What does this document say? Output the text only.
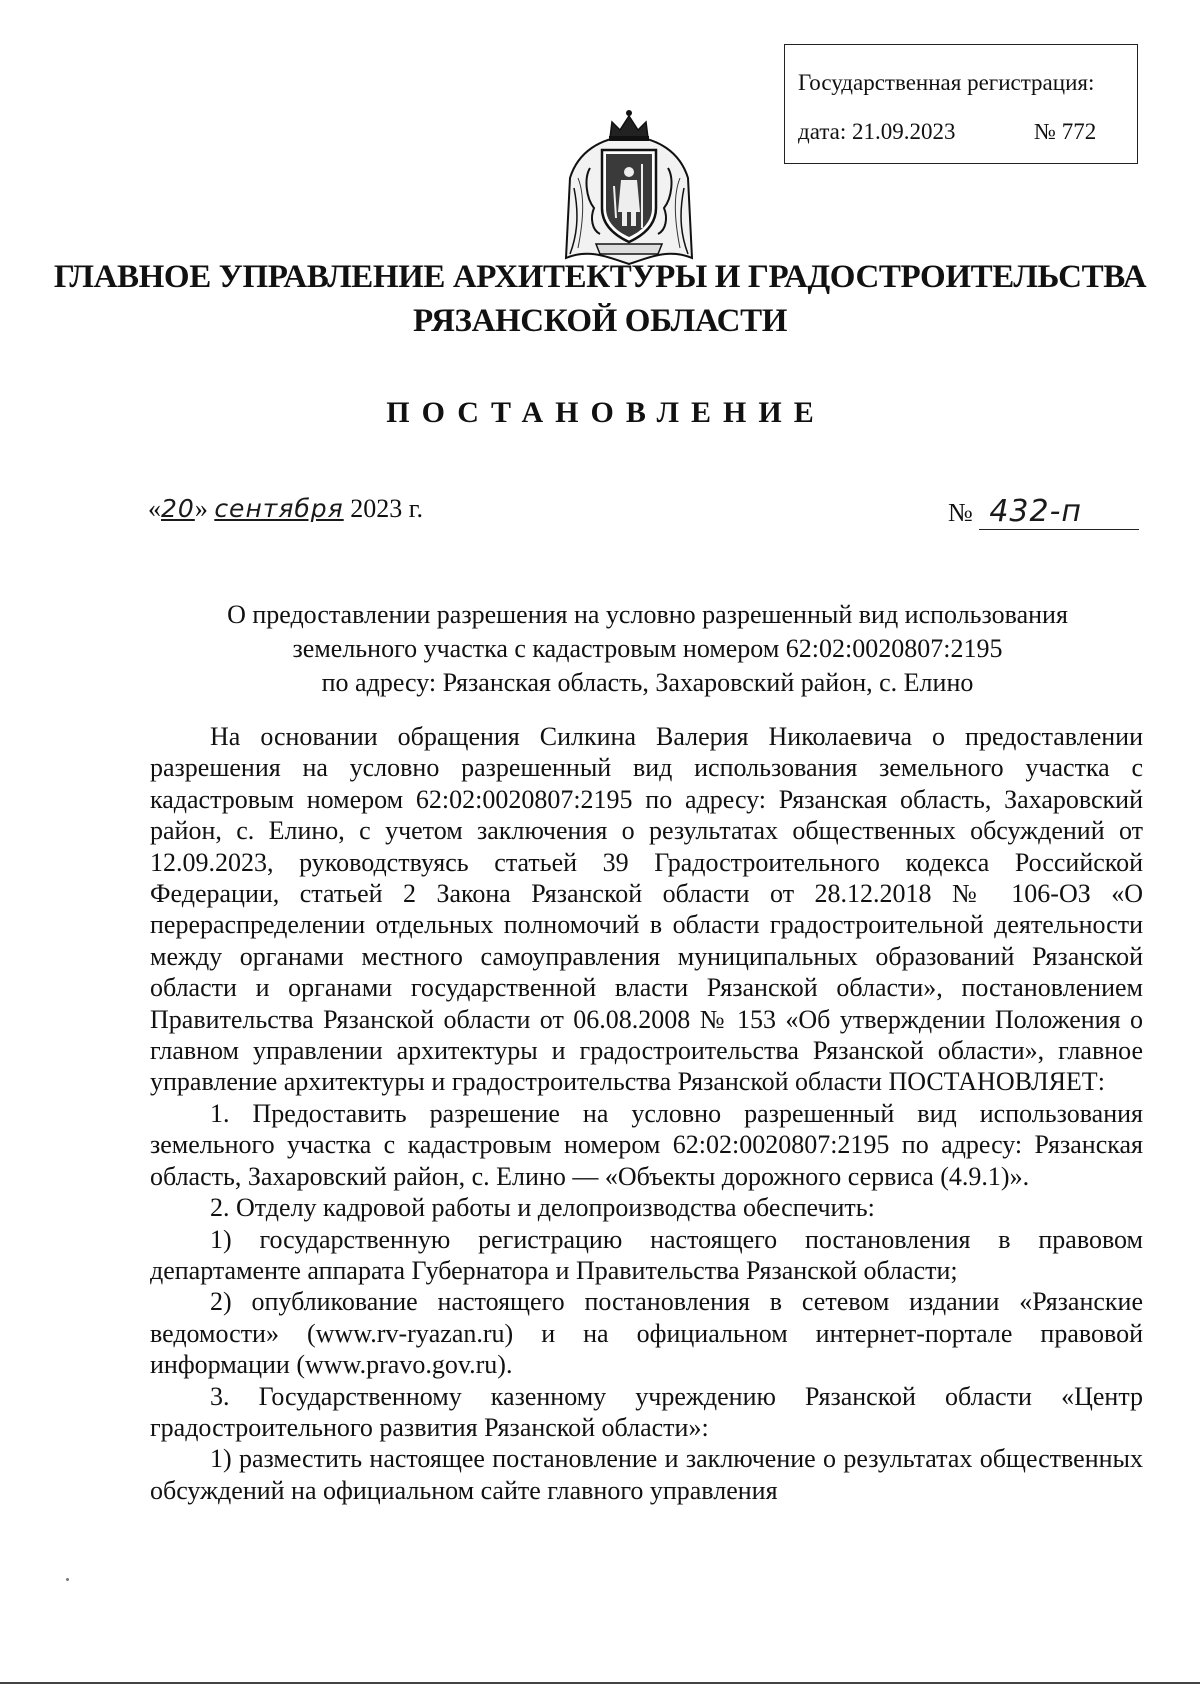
Государственная регистрация:
дата: 21.09.2023	№ 772
ГЛАВНОЕ УПРАВЛЕНИЕ АРХИТЕКТУРЫ И ГРАДОСТРОИТЕЛЬСТВА
РЯЗАНСКОЙ ОБЛАСТИ
ПОСТАНОВЛЕНИЕ
«20» сентября 2023 г.	№ 432-п
О предоставлении разрешения на условно разрешенный вид использования
земельного участка с кадастровым номером 62:02:0020807:2195
по адресу: Рязанская область, Захаровский район, с. Елино

На основании обращения Силкина Валерия Николаевича о предоставлении разрешения на условно разрешенный вид использования земельного участка с кадастровым номером 62:02:0020807:2195 по адресу: Рязанская область, Захаровский район, с. Елино, с учетом заключения о результатах общественных обсуждений от 12.09.2023, руководствуясь статьей 39 Градостроительного кодекса Российской Федерации, статьей 2 Закона Рязанской области от 28.12.2018 № 106-ОЗ «О перераспределении отдельных полномочий в области градостроительной деятельности между органами местного самоуправления муниципальных образований Рязанской области и органами государственной власти Рязанской области», постановлением Правительства Рязанской области от 06.08.2008 № 153 «Об утверждении Положения о главном управлении архитектуры и градостроительства Рязанской области», главное управление архитектуры и градостроительства Рязанской области ПОСТАНОВЛЯЕТ:

1. Предоставить разрешение на условно разрешенный вид использования земельного участка с кадастровым номером 62:02:0020807:2195 по адресу: Рязанская область, Захаровский район, с. Елино — «Объекты дорожного сервиса (4.9.1)».

2. Отделу кадровой работы и делопроизводства обеспечить:

1) государственную регистрацию настоящего постановления в правовом департаменте аппарата Губернатора и Правительства Рязанской области;

2) опубликование настоящего постановления в сетевом издании «Рязанские ведомости» (www.rv-ryazan.ru) и на официальном интернет-портале правовой информации (www.pravo.gov.ru).

3. Государственному казенному учреждению Рязанской области «Центр градостроительного развития Рязанской области»:

1) разместить настоящее постановление и заключение о результатах общественных обсуждений на официальном сайте главного управления
